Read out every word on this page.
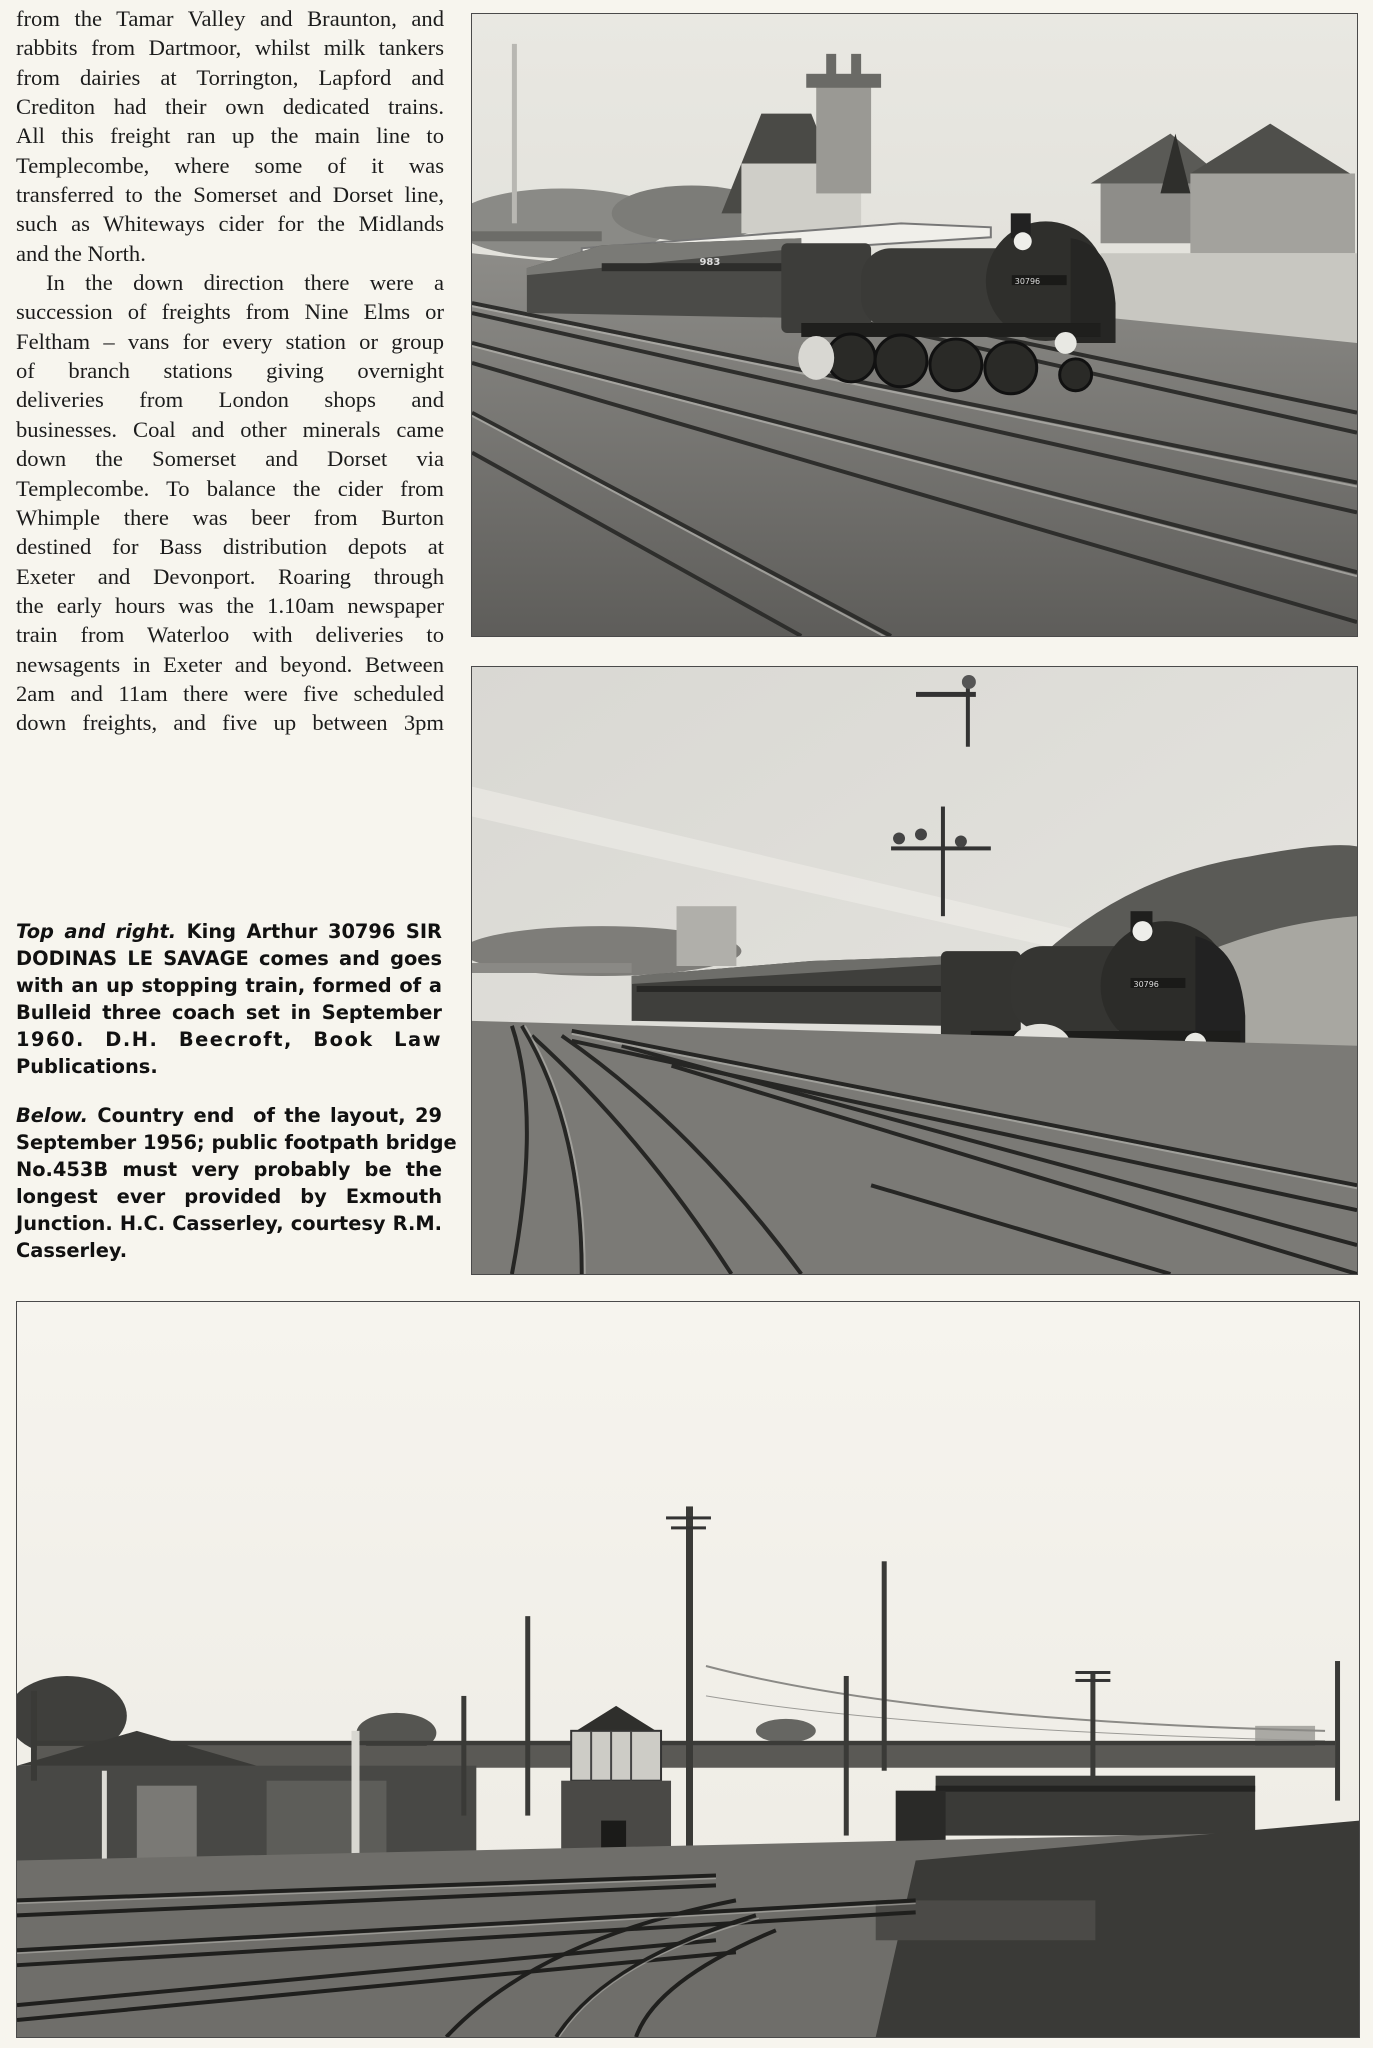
from the Tamar Valley and Braunton, and
rabbits from Dartmoor, whilst milk tankers
from dairies at Torrington, Lapford and
Crediton had their own dedicated trains.
All this freight ran up the main line to
Templecombe, where some of it was
transferred to the Somerset and Dorset line,
such as Whiteways cider for the Midlands
and the North.
In the down direction there were a
succession of freights from Nine Elms or
Feltham – vans for every station or group
of branch stations giving overnight
deliveries from London shops and
businesses. Coal and other minerals came
down the Somerset and Dorset via
Templecombe. To balance the cider from
Whimple there was beer from Burton
destined for Bass distribution depots at
Exeter and Devonport. Roaring through
the early hours was the 1.10am newspaper
train from Waterloo with deliveries to
newsagents in Exeter and beyond. Between
2am and 11am there were five scheduled
down freights, and five up between 3pm
Top and right. King Arthur 30796 SIR
DODINAS LE SAVAGE comes and goes
with an up stopping train, formed of a
Bulleid three coach set in September
1960. D.H. Beecroft, Book Law
Publications.
Below. Country end  of the layout, 29
September 1956; public footpath bridge
No.453B must very probably be the
longest ever provided by Exmouth
Junction. H.C. Casserley, courtesy R.M.
Casserley.
983
30796
30796
